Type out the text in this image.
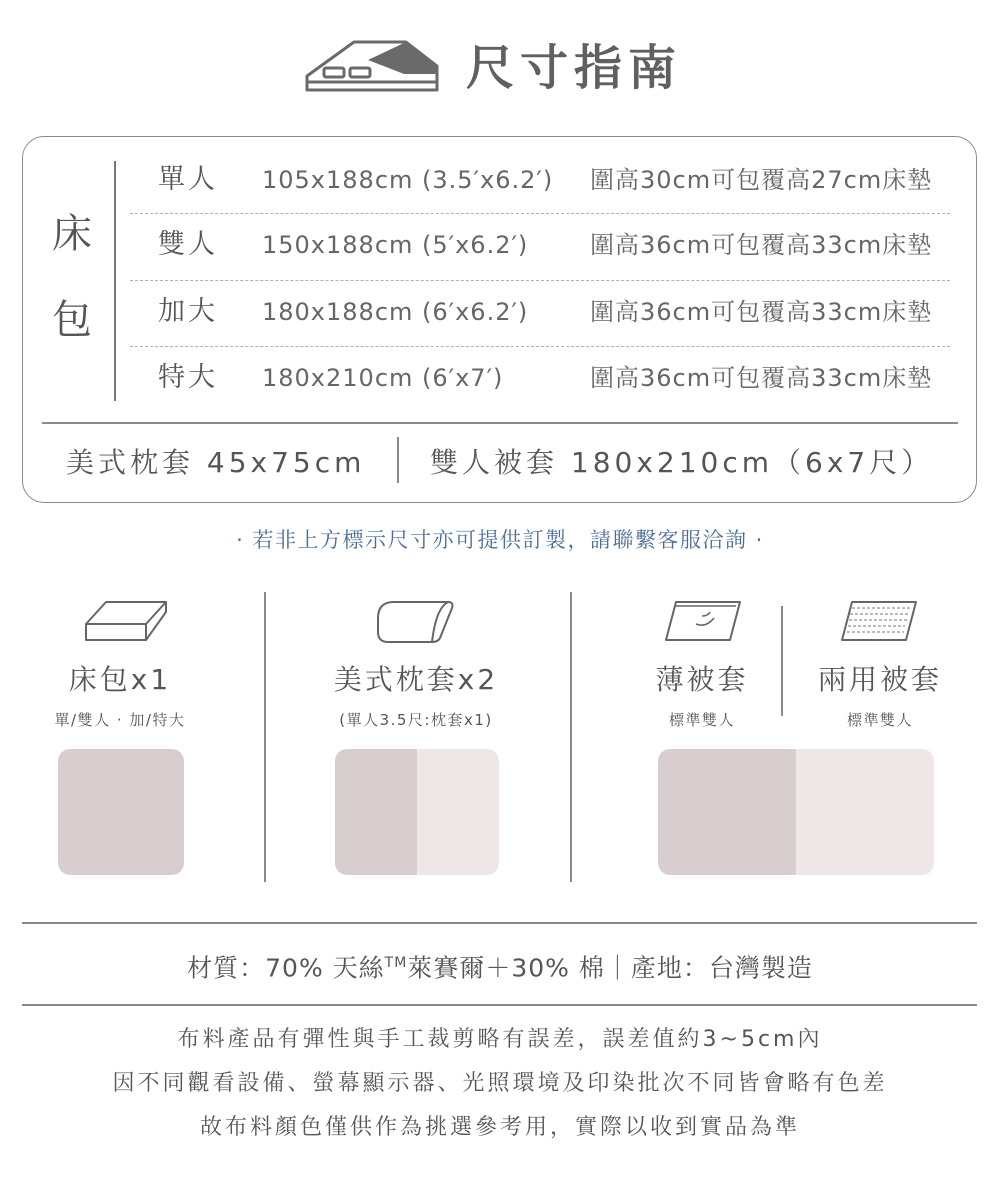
尺寸指南
床
包
單人 105x188cm (3.5′x6.2′) 圍高30cm可包覆高27cm床墊
雙人 150x188cm (5′x6.2′)	圍高36cm可包覆高33cm床墊
加大 180x188cm (6′x6.2′)	圍高36cm可包覆高33cm床墊
特大 180x210cm (6′x7′)	圍高36cm可包覆高33cm床墊
美式枕套 45x75cm 雙人被套 180x210cm（6x7尺）
· 若非上方標示尺寸亦可提供訂製，請聯繫客服洽詢 ·
床包x1
單/雙人 · 加/特大
美式枕套x2
(單人3.5尺:枕套x1)
薄被套
標準雙人
兩用被套
標準雙人
材質：70% 天絲™萊賽爾＋30% 棉｜產地：台灣製造
布料產品有彈性與手工裁剪略有誤差，誤差值約3~5cm內
因不同觀看設備、螢幕顯示器、光照環境及印染批次不同皆會略有色差
故布料顏色僅供作為挑選參考用，實際以收到實品為準
